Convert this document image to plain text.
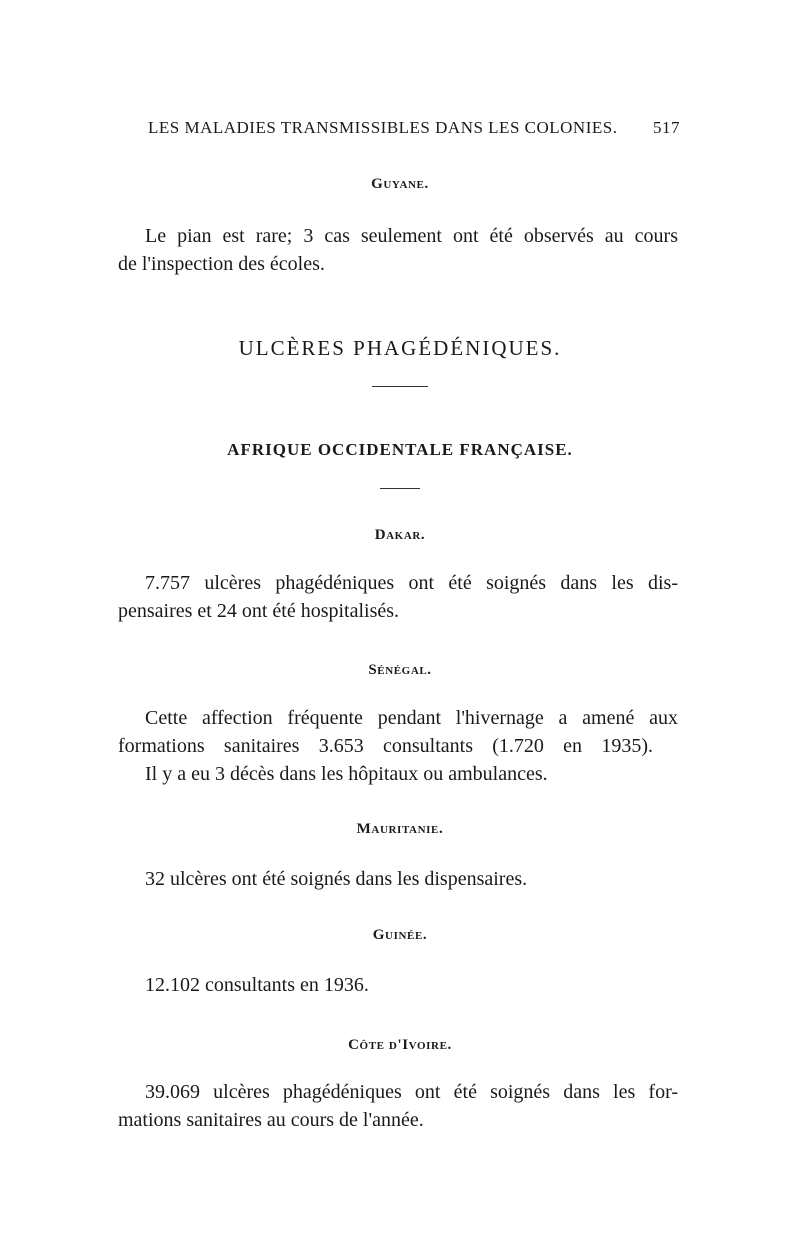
LES MALADIES TRANSMISSIBLES DANS LES COLONIES. 517
Guyane.
Le pian est rare; 3 cas seulement ont été observés au cours
de l'inspection des écoles.
ULCÈRES PHAGÉDÉNIQUES.
AFRIQUE OCCIDENTALE FRANÇAISE.
Dakar.
7.757 ulcères phagédéniques ont été soignés dans les dis-
pensaires et 24 ont été hospitalisés.
Sénégal.
Cette affection fréquente pendant l'hivernage a amené aux
formations sanitaires 3.653 consultants (1.720 en 1935).
Il y a eu 3 décès dans les hôpitaux ou ambulances.
Mauritanie.
32 ulcères ont été soignés dans les dispensaires.
Guinée.
12.102 consultants en 1936.
Côte d'Ivoire.
39.069 ulcères phagédéniques ont été soignés dans les for-
mations sanitaires au cours de l'année.
